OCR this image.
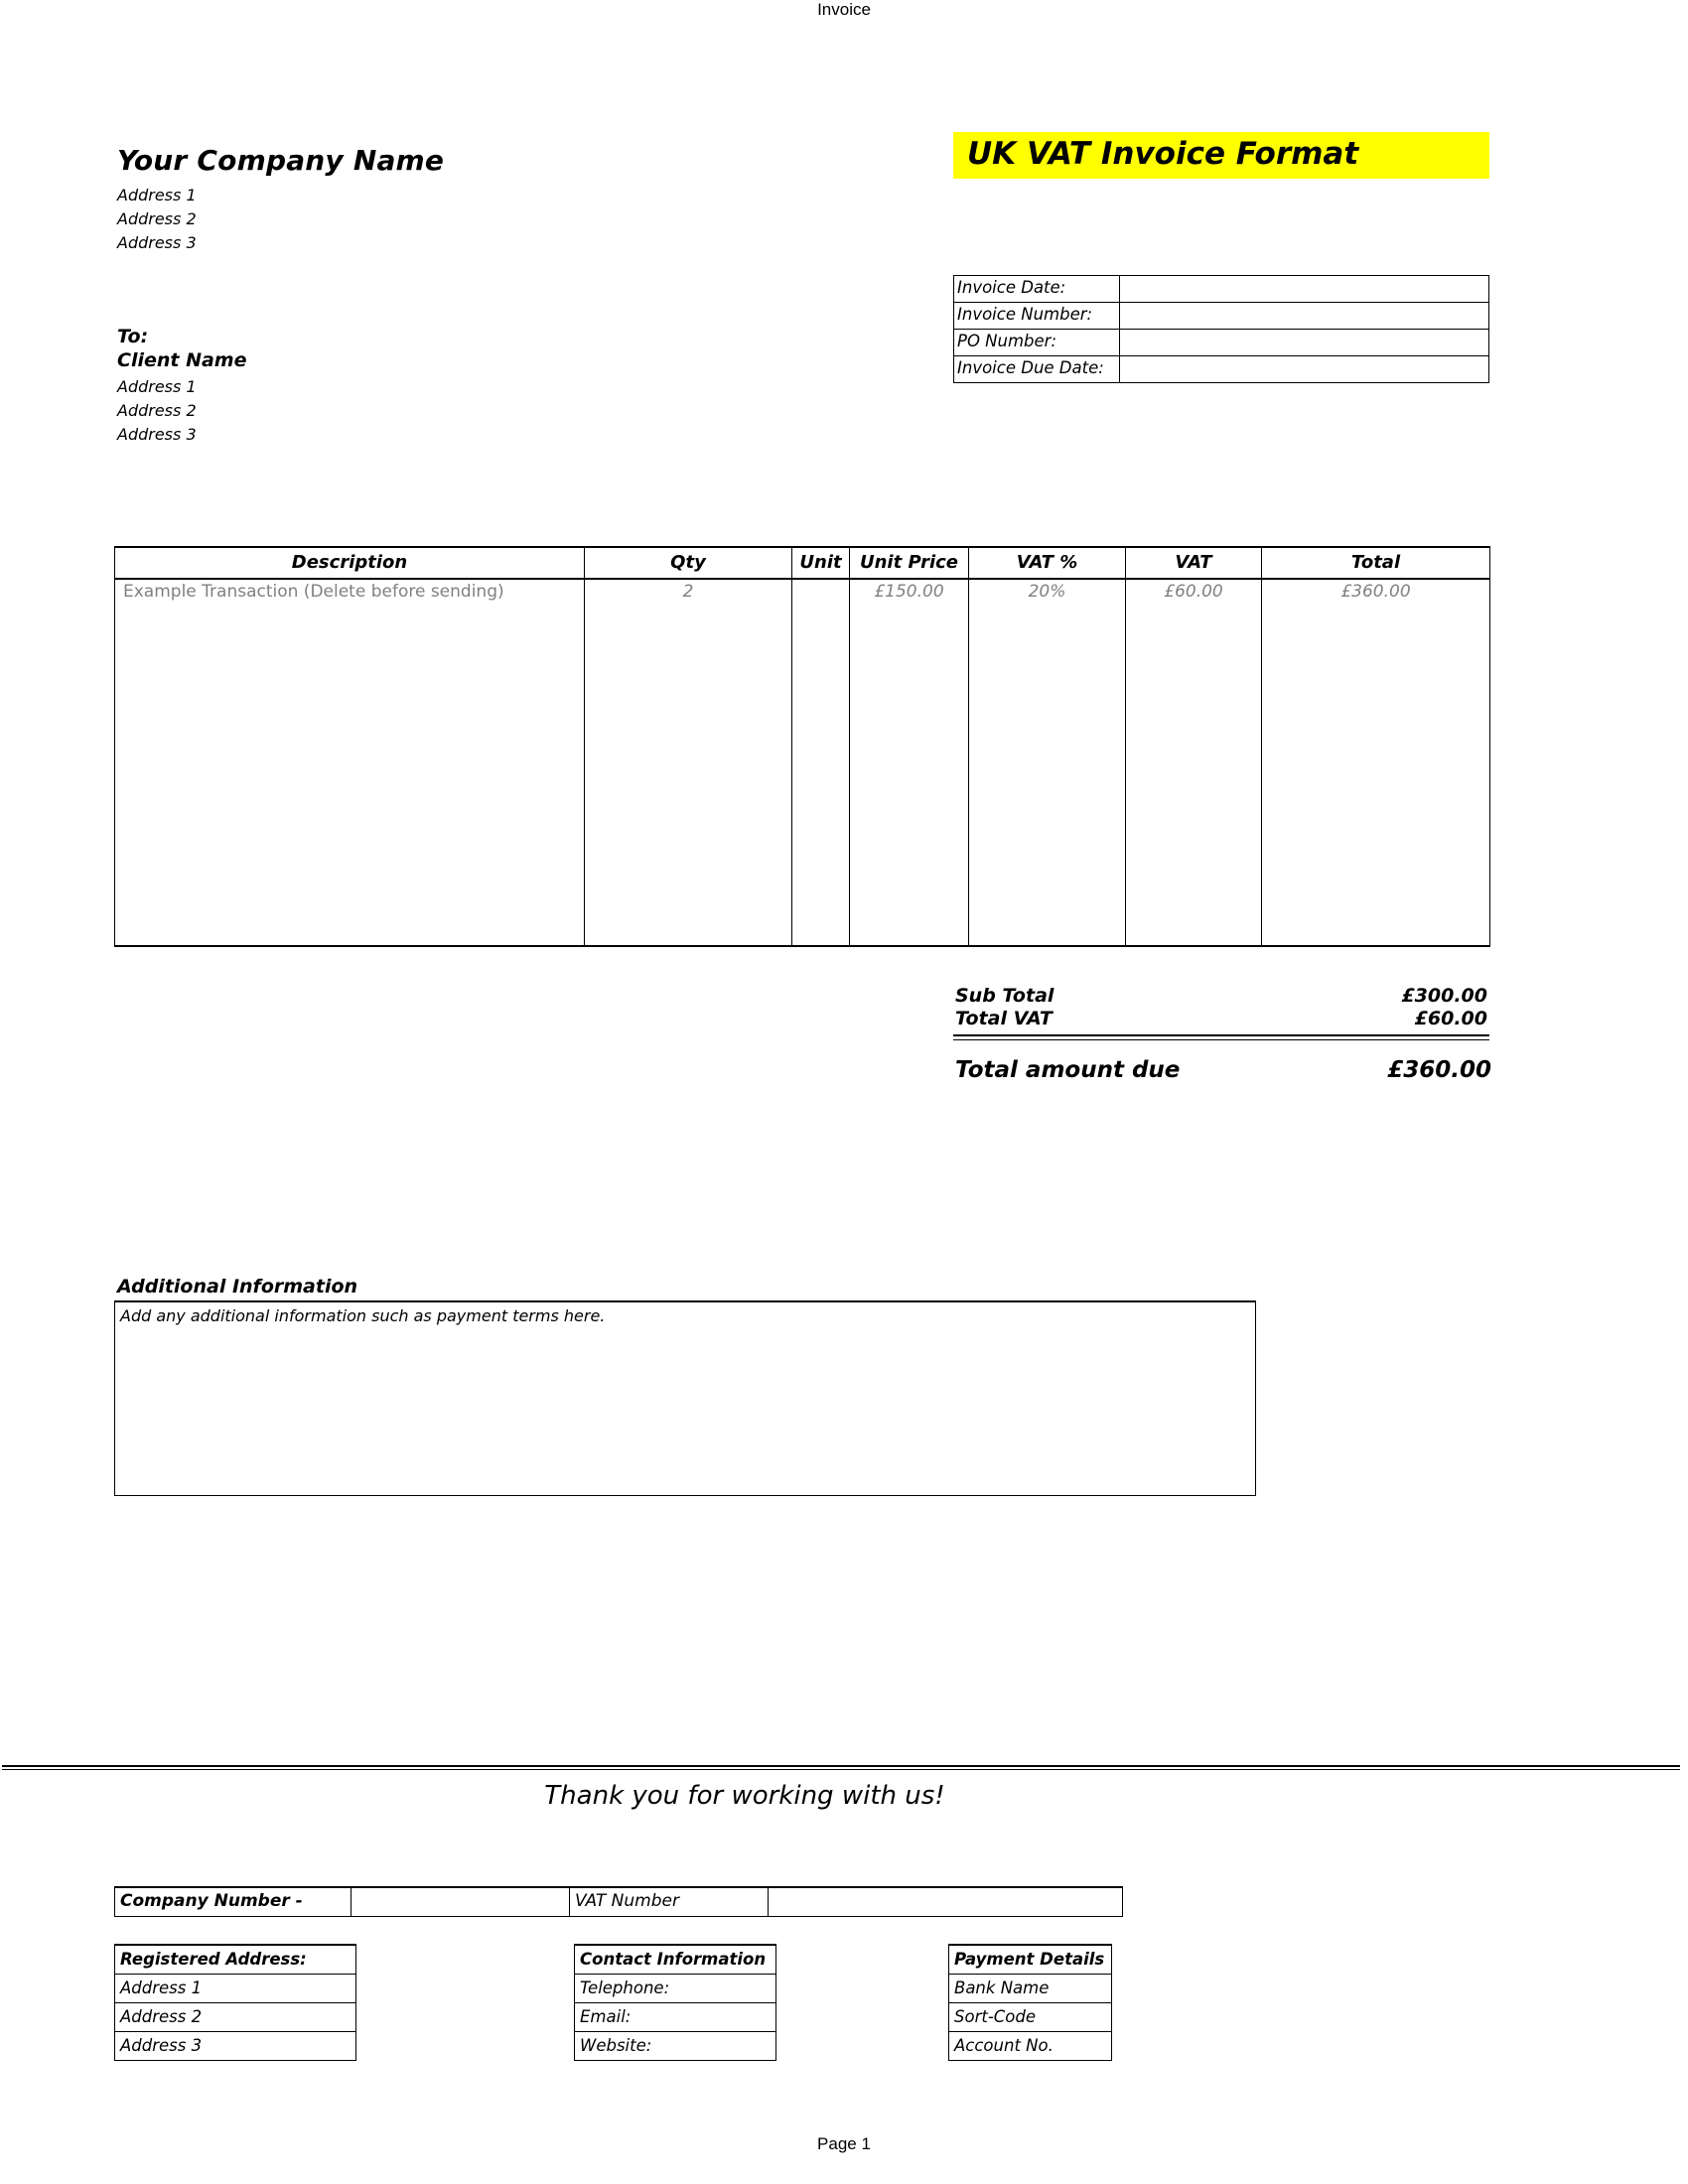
Invoice
Your Company Name
Address 1
Address 2
Address 3
UK VAT Invoice Format
Invoice Date:	
Invoice Number:	
PO Number:	
Invoice Due Date:	
To:
Client Name
Address 1
Address 2
Address 3
Description	Qty	Unit	Unit Price	VAT %	VAT	Total
Example Transaction (Delete before sending)	2		£150.00	20%	£60.00	£360.00

Sub Total	£300.00
Total VAT	£60.00
Total amount due	£360.00
Additional Information
Add any additional information such as payment terms here.
Thank you for working with us!
Company Number -		VAT Number	
Registered Address:
Address 1
Address 2
Address 3
Contact Information
Telephone:
Email:
Website:
Payment Details
Bank Name
Sort-Code
Account No.
Page 1
